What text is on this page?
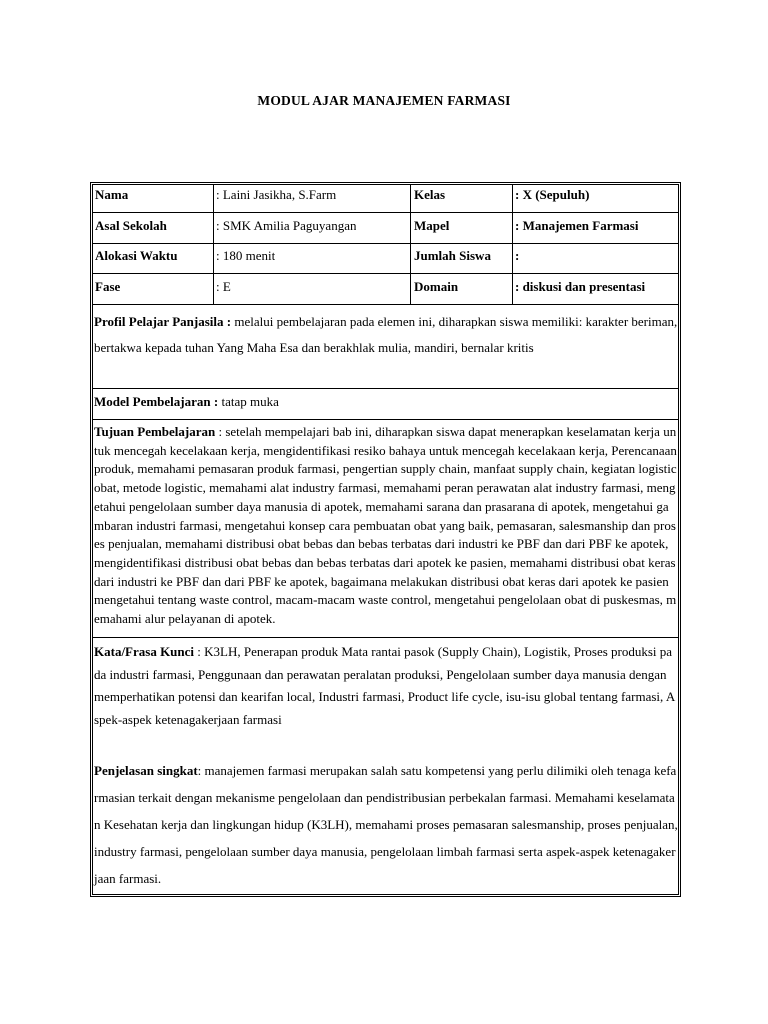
MODUL AJAR MANAJEMEN FARMASI
Nama	: Laini Jasikha, S.Farm	Kelas	: X (Sepuluh)
Asal Sekolah	: SMK Amilia Paguyangan	Mapel	: Manajemen Farmasi
Alokasi Waktu	: 180 menit	Jumlah Siswa :
Fase	: E	Domain	: diskusi dan presentasi
Profil Pelajar Panjasila : melalui pembelajaran pada elemen ini, diharapkan siswa memiliki: karakter beriman, bertakwa kepada tuhan Yang Maha Esa dan berakhlak mulia, mandiri, bernalar kritis
Model Pembelajaran : tatap muka
Tujuan Pembelajaran : setelah mempelajari bab ini, diharapkan siswa dapat menerapkan keselamatan kerja untuk mencegah kecelakaan kerja, mengidentifikasi resiko bahaya untuk mencegah kecelakaan kerja, Perencanaan produk, memahami pemasaran produk farmasi, pengertian supply chain, manfaat supply chain, kegiatan logistic obat, metode logistic, memahami alat industry farmasi, memahami peran perawatan alat industry farmasi, mengetahui pengelolaan sumber daya manusia di apotek, memahami sarana dan prasarana di apotek, mengetahui gambaran industri farmasi, mengetahui konsep cara pembuatan obat yang baik, pemasaran, salesmanship dan proses penjualan, memahami distribusi obat bebas dan bebas terbatas dari industri ke PBF dan dari PBF ke apotek, mengidentifikasi distribusi obat bebas dan bebas terbatas dari apotek ke pasien, memahami distribusi obat keras dari industri ke PBF dan dari PBF ke apotek, bagaimana melakukan distribusi obat keras dari apotek ke pasien mengetahui tentang waste control, macam-macam waste control, mengetahui pengelolaan obat di puskesmas, memahami alur pelayanan di apotek.
Kata/Frasa Kunci : K3LH, Penerapan produk Mata rantai pasok (Supply Chain), Logistik, Proses produksi pada industri farmasi, Penggunaan dan perawatan peralatan produksi, Pengelolaan sumber daya manusia dengan memperhatikan potensi dan kearifan local, Industri farmasi, Product life cycle, isu-isu global tentang farmasi, Aspek-aspek ketenagakerjaan farmasi
Penjelasan singkat: manajemen farmasi merupakan salah satu kompetensi yang perlu dilimiki oleh tenaga kefarmasian terkait dengan mekanisme pengelolaan dan pendistribusian perbekalan farmasi. Memahami keselamatan Kesehatan kerja dan lingkungan hidup (K3LH), memahami proses pemasaran salesmanship, proses penjualan, industry farmasi, pengelolaan sumber daya manusia, pengelolaan limbah farmasi serta aspek-aspek ketenagakerjaan farmasi.
